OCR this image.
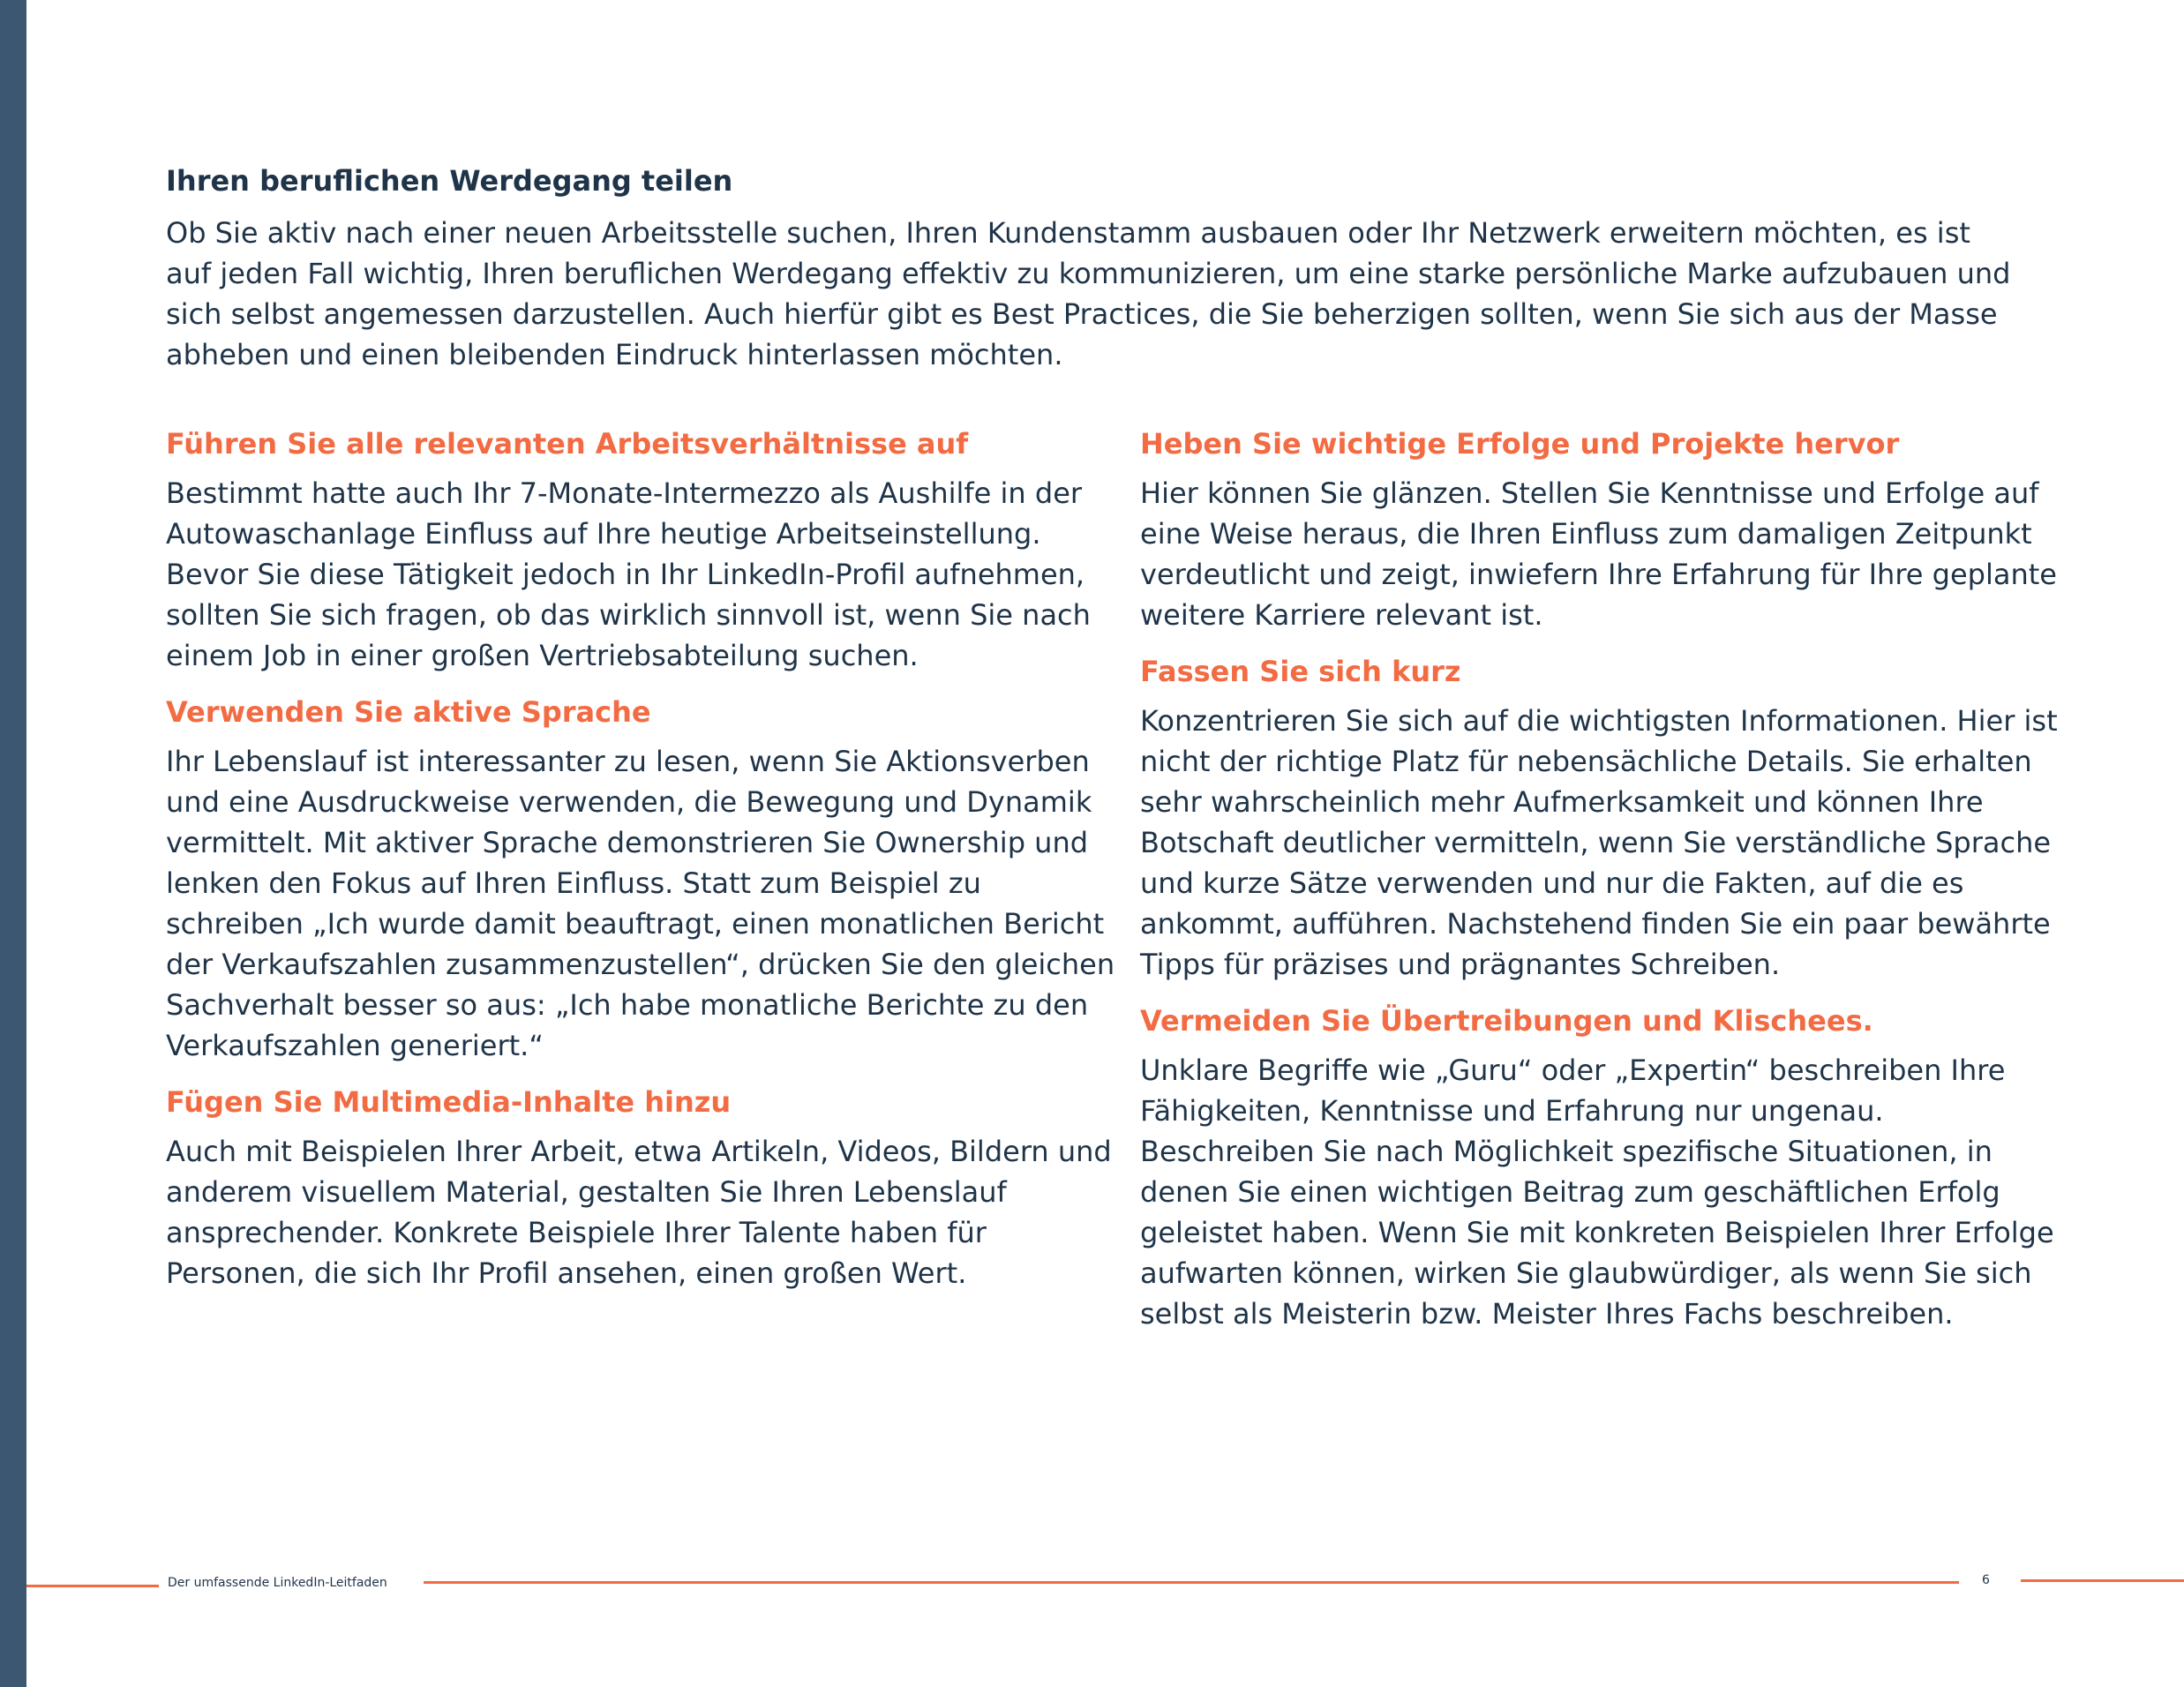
Ihren beruflichen Werdegang teilen

Ob Sie aktiv nach einer neuen Arbeitsstelle suchen, Ihren Kundenstamm ausbauen oder Ihr Netzwerk erweitern möchten, es ist auf jeden Fall wichtig, Ihren beruflichen Werdegang effektiv zu kommunizieren, um eine starke persönliche Marke aufzubauen und sich selbst angemessen darzustellen. Auch hierfür gibt es Best Practices, die Sie beherzigen sollten, wenn Sie sich aus der Masse abheben und einen bleibenden Eindruck hinterlassen möchten.

Führen Sie alle relevanten Arbeitsverhältnisse auf

Bestimmt hatte auch Ihr 7-Monate-Intermezzo als Aushilfe in der Autowaschanlage Einfluss auf Ihre heutige Arbeitseinstellung. Bevor Sie diese Tätigkeit jedoch in Ihr LinkedIn-Profil aufnehmen, sollten Sie sich fragen, ob das wirklich sinnvoll ist, wenn Sie nach einem Job in einer großen Vertriebsabteilung suchen.

Verwenden Sie aktive Sprache

Ihr Lebenslauf ist interessanter zu lesen, wenn Sie Aktionsverben und eine Ausdruckweise verwenden, die Bewegung und Dynamik vermittelt. Mit aktiver Sprache demonstrieren Sie Ownership und lenken den Fokus auf Ihren Einfluss. Statt zum Beispiel zu schreiben „Ich wurde damit beauftragt, einen monatlichen Bericht der Verkaufszahlen zusammenzustellen“, drücken Sie den gleichen Sachverhalt besser so aus: „Ich habe monatliche Berichte zu den Verkaufszahlen generiert.“

Fügen Sie Multimedia-Inhalte hinzu

Auch mit Beispielen Ihrer Arbeit, etwa Artikeln, Videos, Bildern und anderem visuellem Material, gestalten Sie Ihren Lebenslauf ansprechender. Konkrete Beispiele Ihrer Talente haben für Personen, die sich Ihr Profil ansehen, einen großen Wert.

Heben Sie wichtige Erfolge und Projekte hervor

Hier können Sie glänzen. Stellen Sie Kenntnisse und Erfolge auf eine Weise heraus, die Ihren Einfluss zum damaligen Zeitpunkt verdeutlicht und zeigt, inwiefern Ihre Erfahrung für Ihre geplante weitere Karriere relevant ist.

Fassen Sie sich kurz

Konzentrieren Sie sich auf die wichtigsten Informationen. Hier ist nicht der richtige Platz für nebensächliche Details. Sie erhalten sehr wahrscheinlich mehr Aufmerksamkeit und können Ihre Botschaft deutlicher vermitteln, wenn Sie verständliche Sprache und kurze Sätze verwenden und nur die Fakten, auf die es ankommt, aufführen. Nachstehend finden Sie ein paar bewährte Tipps für präzises und prägnantes Schreiben.

Vermeiden Sie Übertreibungen und Klischees.

Unklare Begriffe wie „Guru“ oder „Expertin“ beschreiben Ihre Fähigkeiten, Kenntnisse und Erfahrung nur ungenau. Beschreiben Sie nach Möglichkeit spezifische Situationen, in denen Sie einen wichtigen Beitrag zum geschäftlichen Erfolg geleistet haben. Wenn Sie mit konkreten Beispielen Ihrer Erfolge aufwarten können, wirken Sie glaubwürdiger, als wenn Sie sich selbst als Meisterin bzw. Meister Ihres Fachs beschreiben.

Der umfassende LinkedIn-Leitfaden	6
